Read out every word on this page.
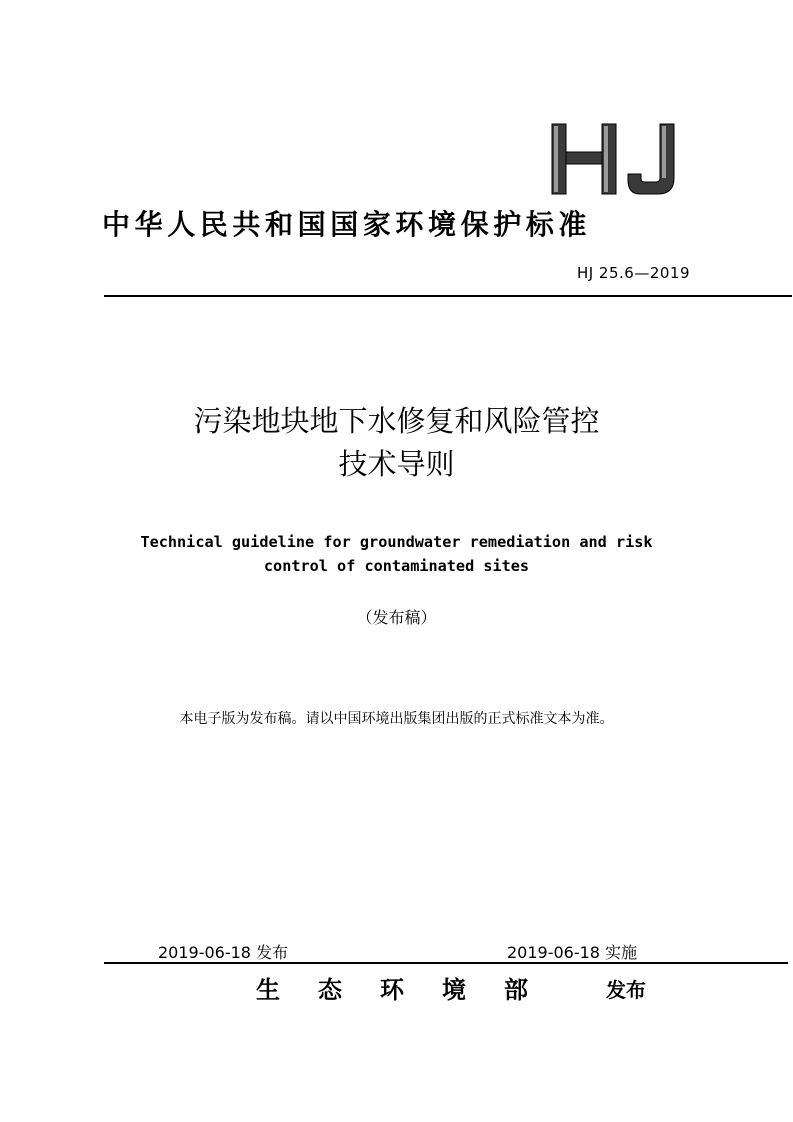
中华人民共和国国家环境保护标准
HJ 25.6—2019
污染地块地下水修复和风险管控
技术导则
Technical guideline for groundwater remediation and risk
control of contaminated sites
（发布稿）
本电子版为发布稿。请以中国环境出版集团出版的正式标准文本为准。
2019-06-18 发布	2019-06-18 实施
生态环境部 发布
